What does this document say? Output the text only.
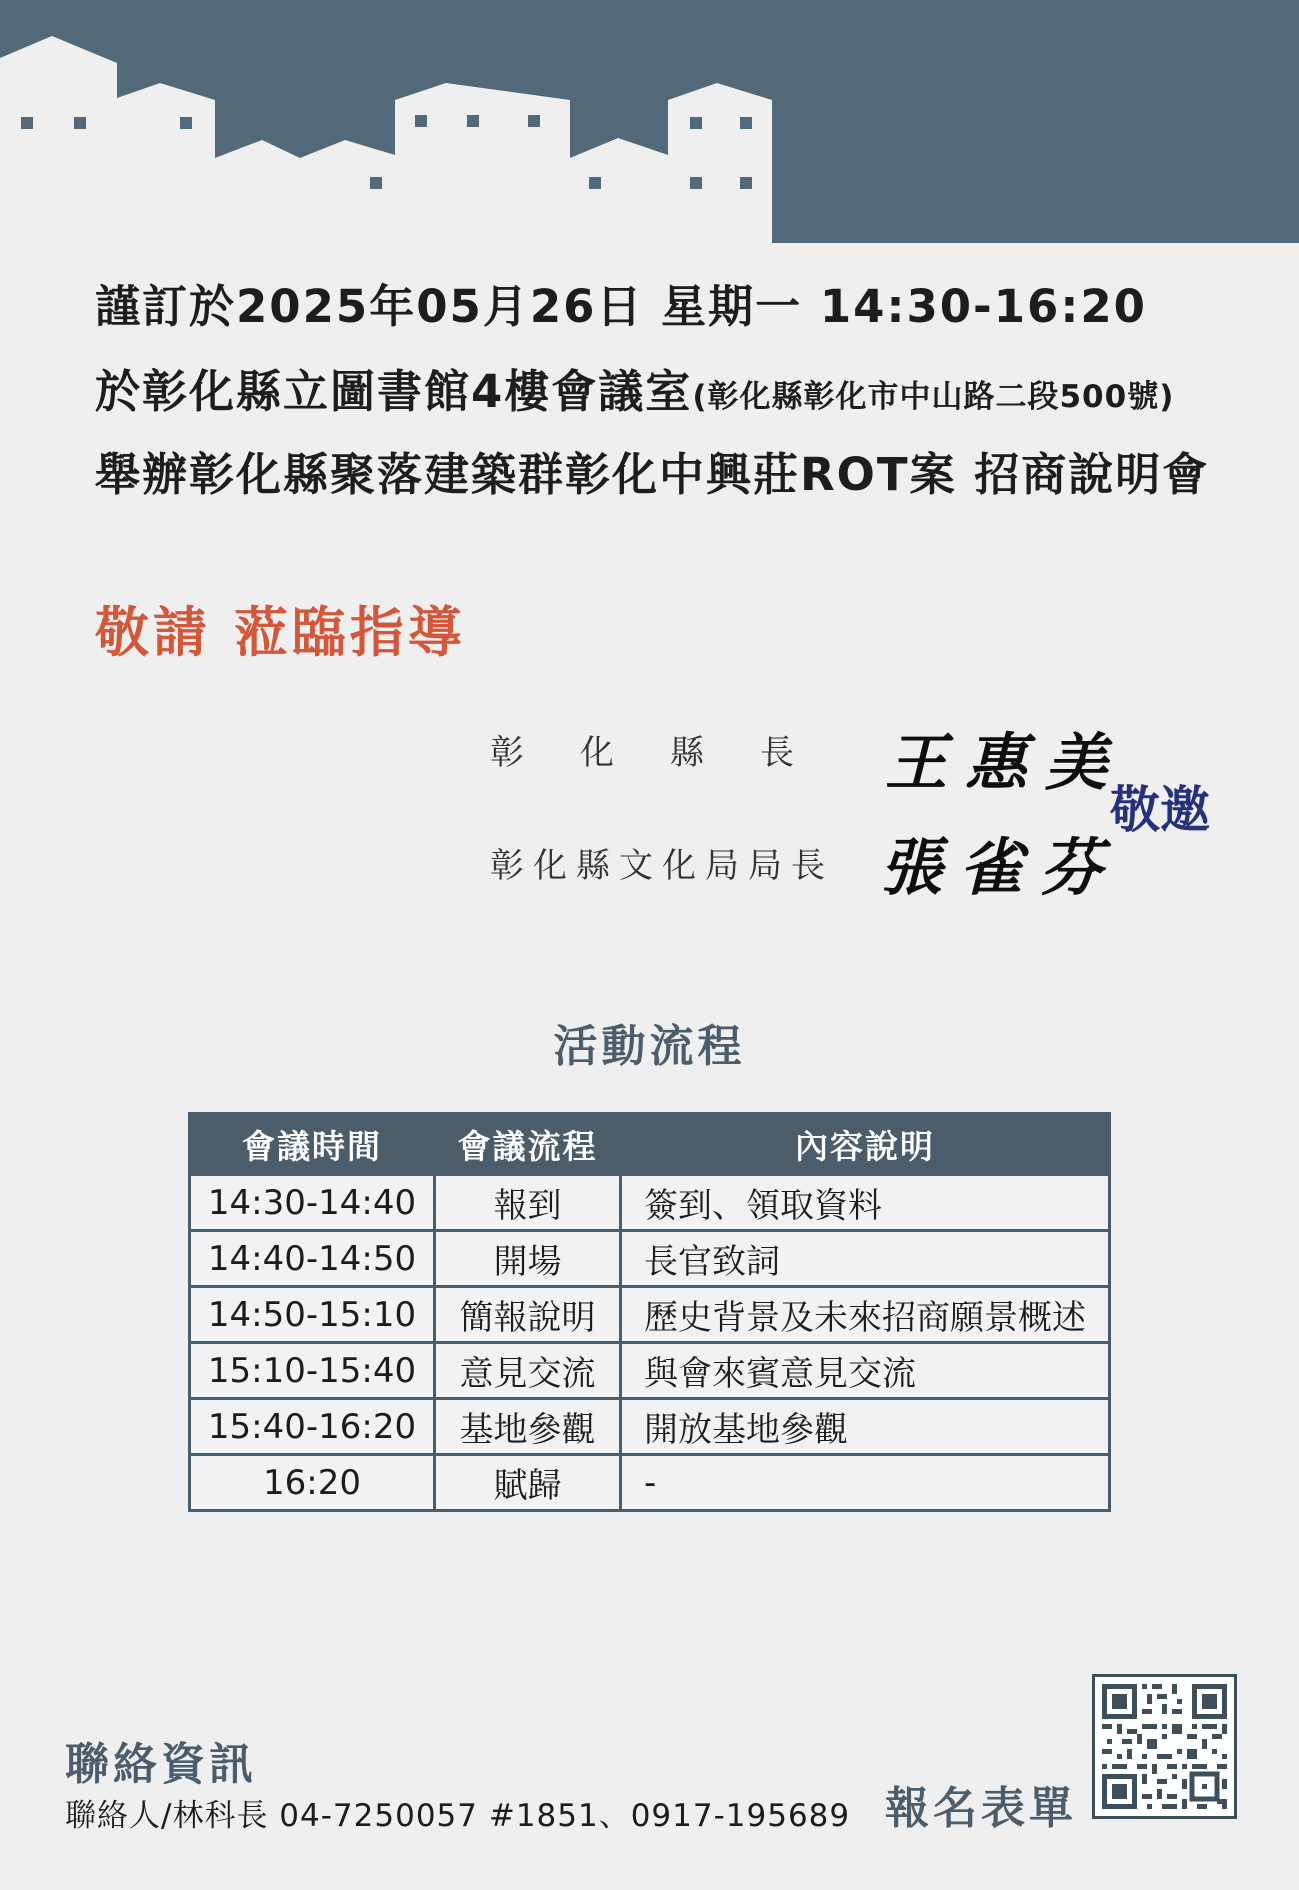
謹訂於2025年05月26日 星期一 14:30-16:20
於彰化縣立圖書館4樓會議室(彰化縣彰化市中山路二段500號)
舉辦彰化縣聚落建築群彰化中興莊ROT案 招商說明會
敬請 蒞臨指導
彰化縣長 王惠美
彰化縣文化局局長 張雀芬
敬邀
活動流程
會議時間	會議流程	內容說明
14:30-14:40	報到	簽到、領取資料
14:40-14:50	開場	長官致詞
14:50-15:10	簡報說明	歷史背景及未來招商願景概述
15:10-15:40	意見交流	與會來賓意見交流
15:40-16:20	基地參觀	開放基地參觀
16:20	賦歸	-
聯絡資訊
聯絡人/林科長 04-7250057 #1851、0917-195689 報名表單
